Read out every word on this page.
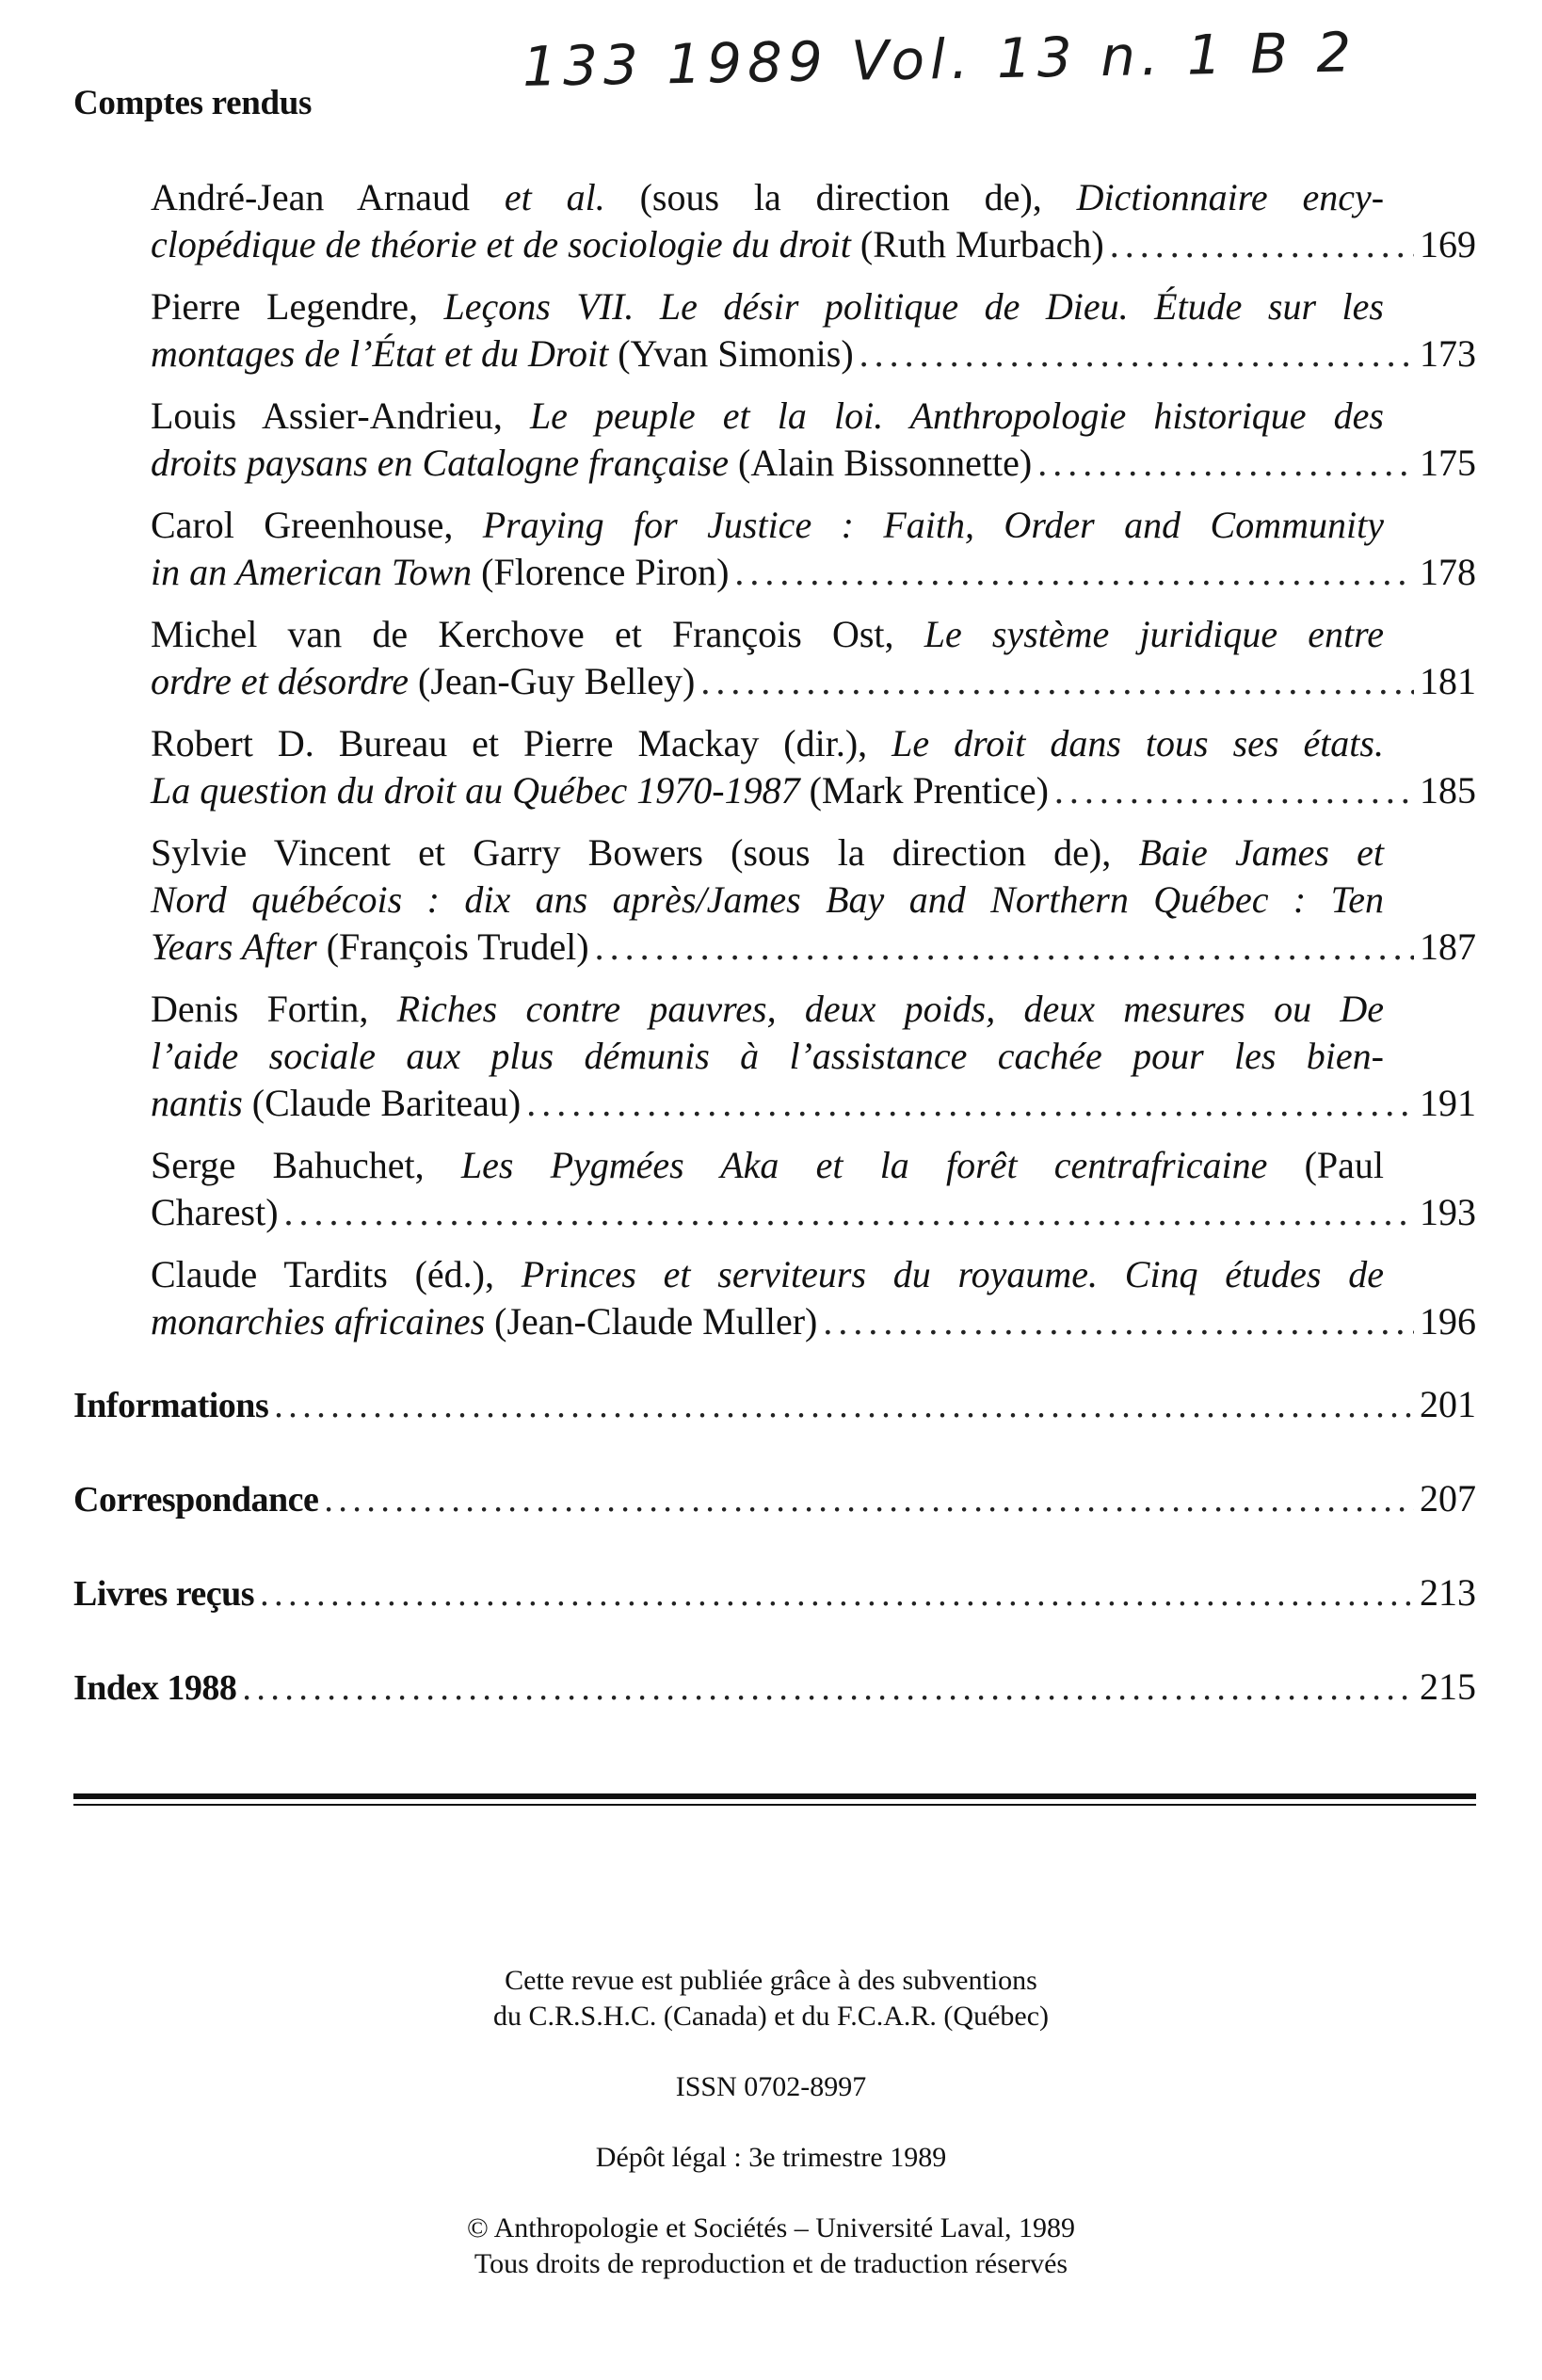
133 1989 Vol. 13 n. 1 B 2
Comptes rendus
André-Jean Arnaud et al. (sous la direction de), Dictionnaire ency-
clopédique de théorie et de sociologie du droit (Ruth Murbach) . . .	169
Pierre Legendre, Leçons VII. Le désir politique de Dieu. Étude sur les
montages de l’État et du Droit (Yvan Simonis) . . .	173
Louis Assier-Andrieu, Le peuple et la loi. Anthropologie historique des
droits paysans en Catalogne française (Alain Bissonnette) . . .	175
Carol Greenhouse, Praying for Justice : Faith, Order and Community
in an American Town (Florence Piron) . . .	178
Michel van de Kerchove et François Ost, Le système juridique entre
ordre et désordre (Jean-Guy Belley) . . .	181
Robert D. Bureau et Pierre Mackay (dir.), Le droit dans tous ses états.
La question du droit au Québec 1970-1987 (Mark Prentice) . . .	185
Sylvie Vincent et Garry Bowers (sous la direction de), Baie James et
Nord québécois : dix ans après/James Bay and Northern Québec : Ten
Years After (François Trudel) . . .	187
Denis Fortin, Riches contre pauvres, deux poids, deux mesures ou De
l’aide sociale aux plus démunis à l’assistance cachée pour les bien-
nantis (Claude Bariteau) . . .	191
Serge Bahuchet, Les Pygmées Aka et la forêt centrafricaine (Paul
Charest) . . .	193
Claude Tardits (éd.), Princes et serviteurs du royaume. Cinq études de
monarchies africaines (Jean-Claude Muller) . . .	196
Informations . . .	201
Correspondance . . .	207
Livres reçus . . .	213
Index 1988 . . .	215

Cette revue est publiée grâce à des subventions

du C.R.S.H.C. (Canada) et du F.C.A.R. (Québec)

ISSN 0702-8997

Dépôt légal : 3e trimestre 1989

© Anthropologie et Sociétés – Université Laval, 1989

Tous droits de reproduction et de traduction réservés
